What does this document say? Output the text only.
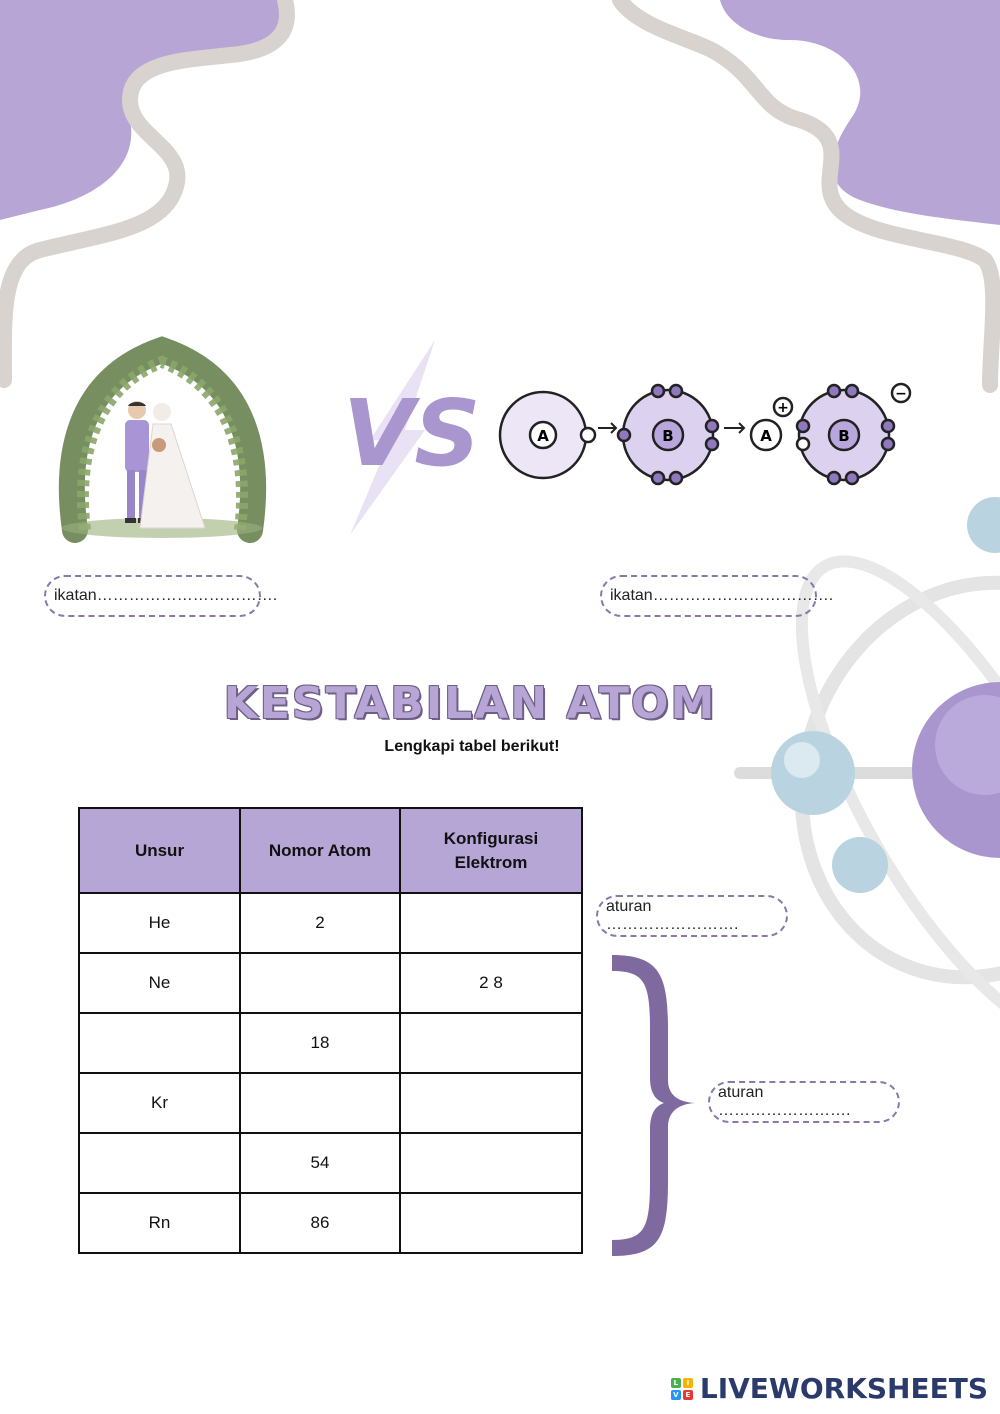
VS	A	B	A	B
+
−
ikatan…………………………….	ikatan…………………………….
KESTABILAN ATOM
Lengkapi tabel berikut!
Unsur	Nomor Atom	Konfigurasi Elektrom
He	2	
Ne		2 8
	18	
Kr		
	54	
Rn	86	
aturan …………………….
aturan …………………….
L	I
V E LIVEWORKSHEETS
